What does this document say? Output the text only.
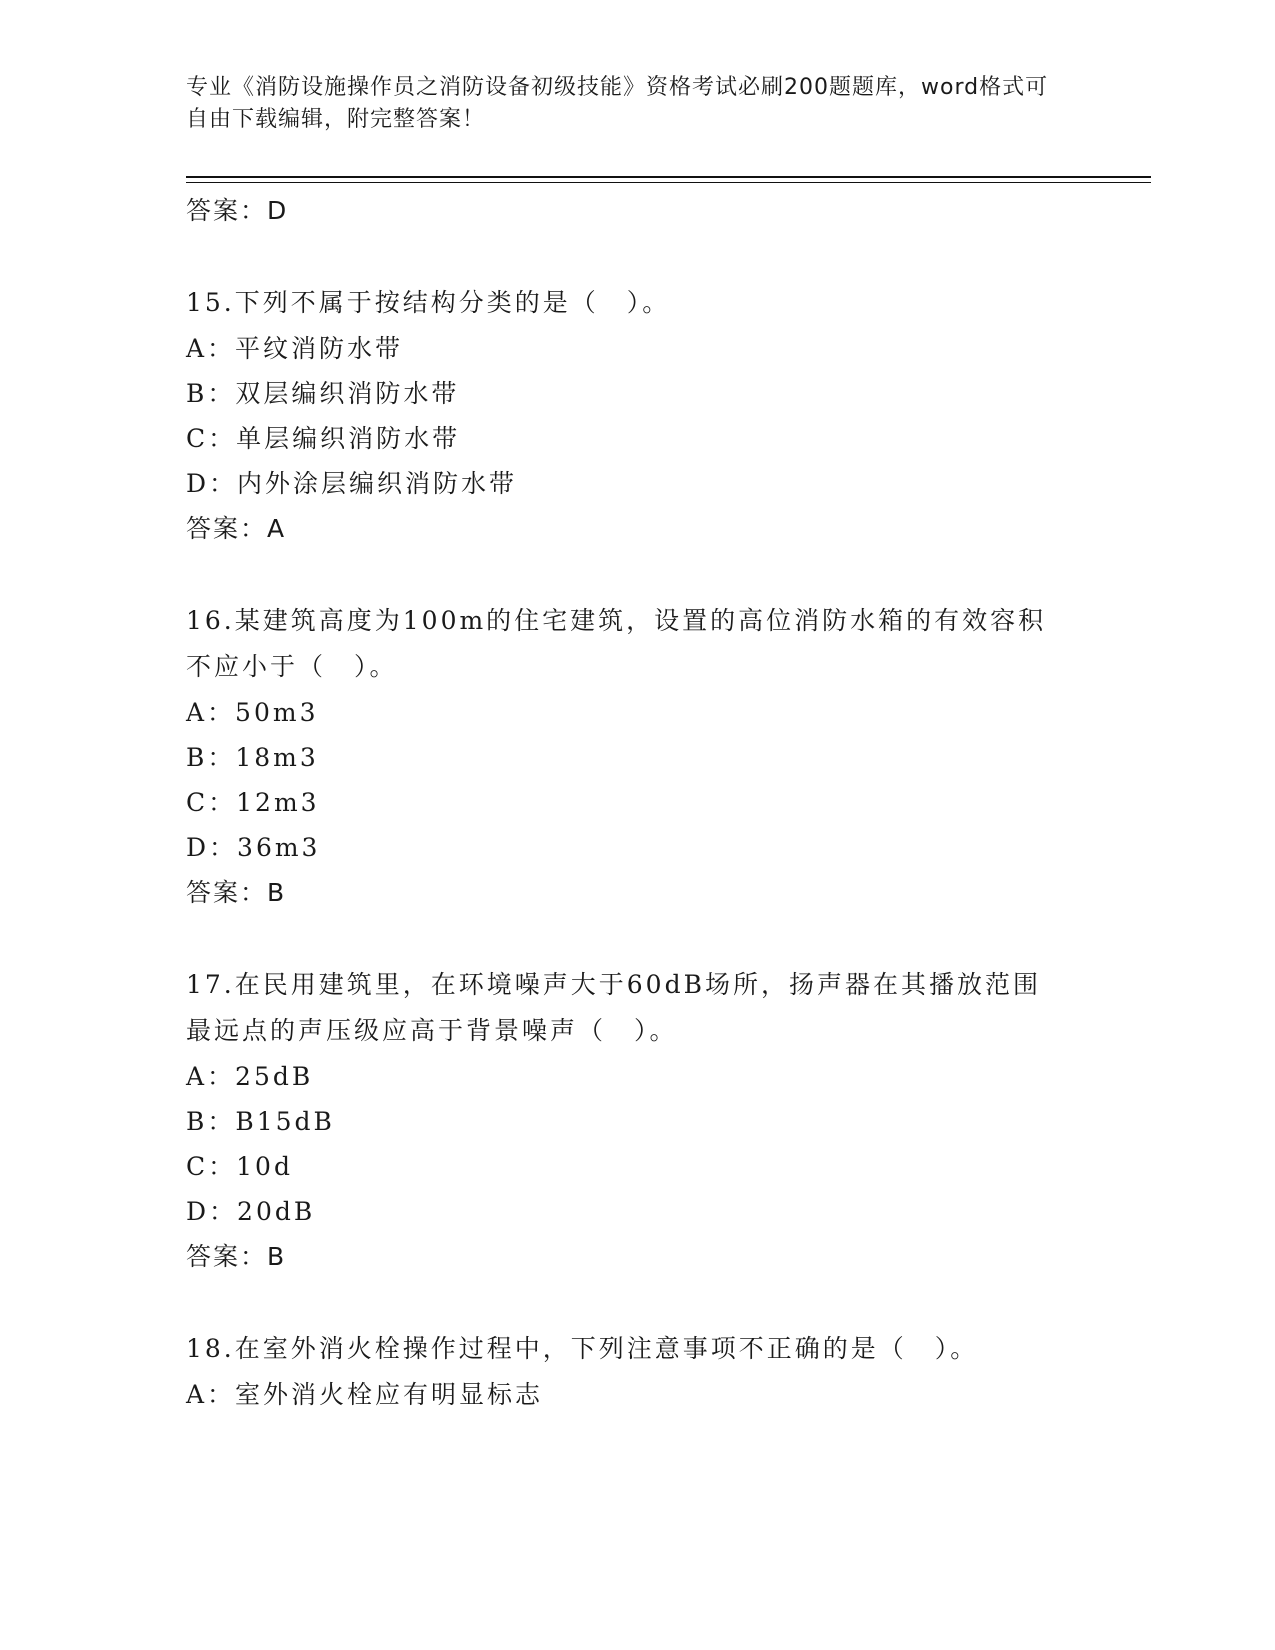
专业《消防设施操作员之消防设备初级技能》资格考试必刷200题题库，word格式可自由下载编辑，附完整答案！
答案：D
15.下列不属于按结构分类的是（　）。
A：平纹消防水带
B：双层编织消防水带
C：单层编织消防水带
D：内外涂层编织消防水带
答案：A
16.某建筑高度为100m的住宅建筑，设置的高位消防水箱的有效容积不应小于（　）。
A：50m3
B：18m3
C：12m3
D：36m3
答案：B
17.在民用建筑里，在环境噪声大于60dB场所，扬声器在其播放范围最远点的声压级应高于背景噪声（　）。
A：25dB
B：B15dB
C：10d
D：20dB
答案：B
18.在室外消火栓操作过程中，下列注意事项不正确的是（　）。
A：室外消火栓应有明显标志
